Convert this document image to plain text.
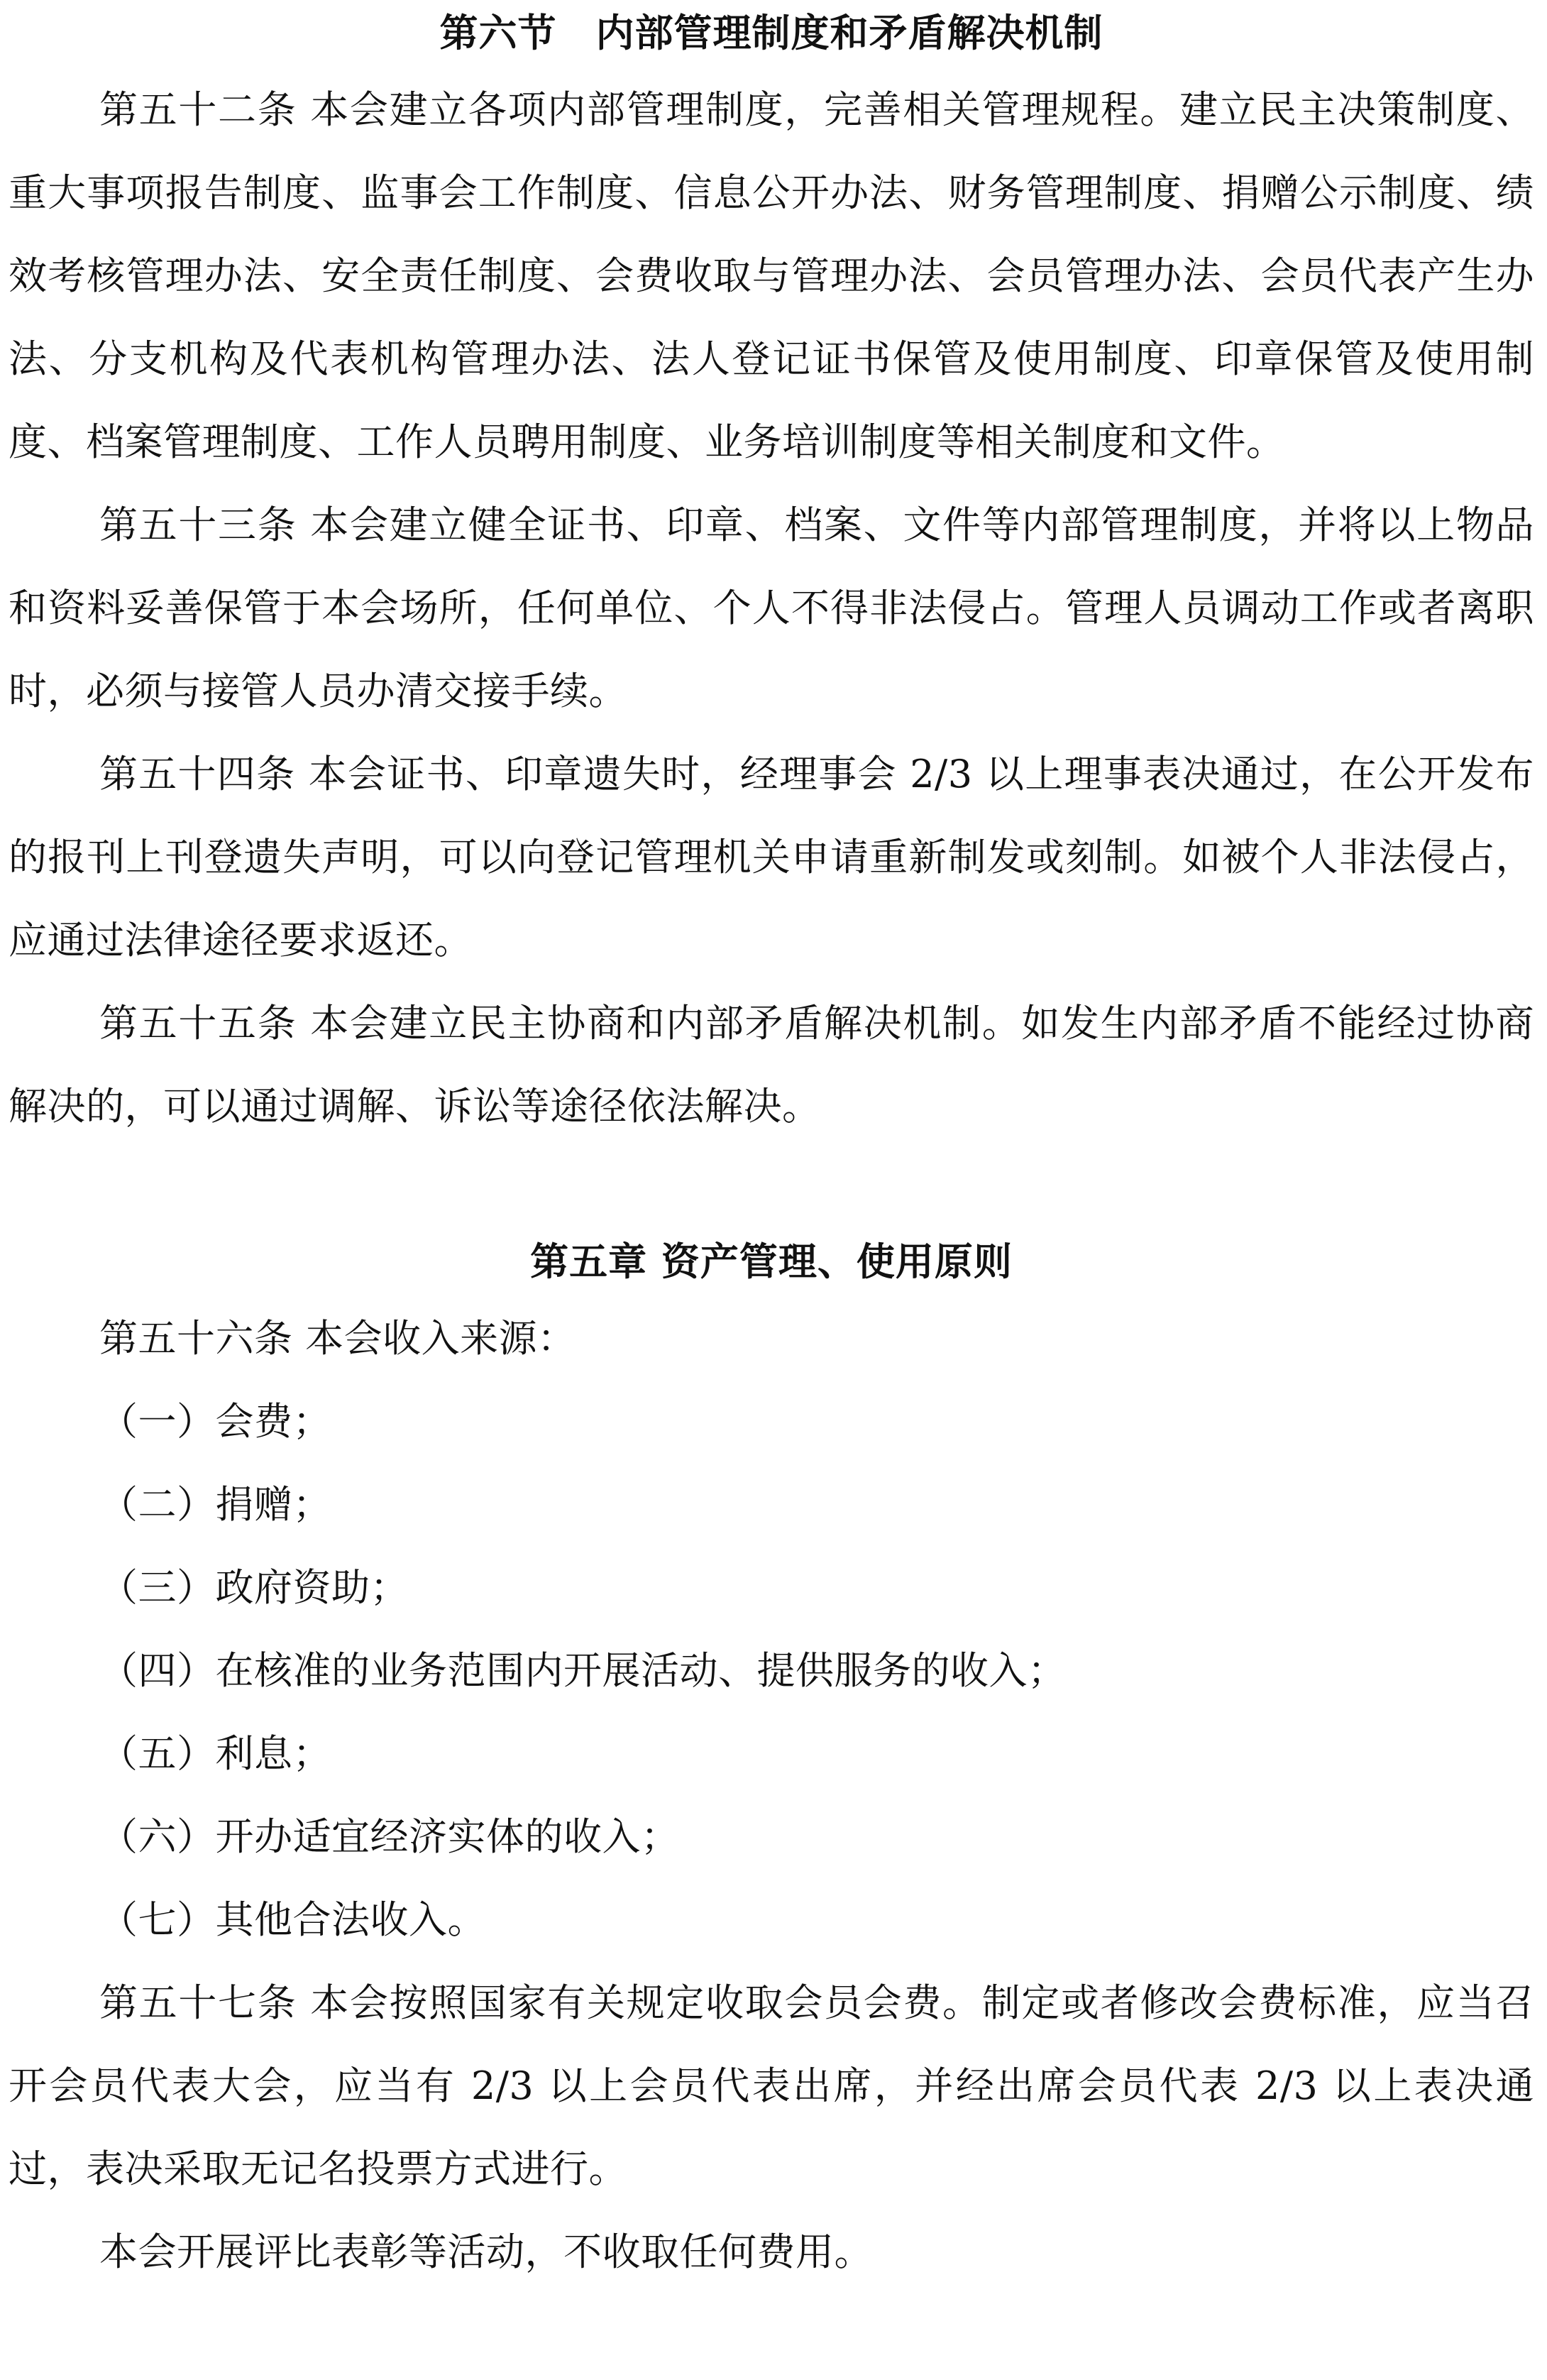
第六节　内部管理制度和矛盾解决机制

第五十二条 本会建立各项内部管理制度，完善相关管理规程。建立民主决策制度、重大事项报告制度、监事会工作制度、信息公开办法、财务管理制度、捐赠公示制度、绩效考核管理办法、安全责任制度、会费收取与管理办法、会员管理办法、会员代表产生办法、分支机构及代表机构管理办法、法人登记证书保管及使用制度、印章保管及使用制度、档案管理制度、工作人员聘用制度、业务培训制度等相关制度和文件。

第五十三条 本会建立健全证书、印章、档案、文件等内部管理制度，并将以上物品和资料妥善保管于本会场所，任何单位、个人不得非法侵占。管理人员调动工作或者离职时，必须与接管人员办清交接手续。

第五十四条 本会证书、印章遗失时，经理事会 2/3 以上理事表决通过，在公开发布的报刊上刊登遗失声明，可以向登记管理机关申请重新制发或刻制。如被个人非法侵占，应通过法律途径要求返还。

第五十五条 本会建立民主协商和内部矛盾解决机制。如发生内部矛盾不能经过协商解决的，可以通过调解、诉讼等途径依法解决。

第五章 资产管理、使用原则

第五十六条 本会收入来源：

（一）会费；

（二）捐赠；

（三）政府资助；

（四）在核准的业务范围内开展活动、提供服务的收入；

（五）利息；

（六）开办适宜经济实体的收入；

（七）其他合法收入。

第五十七条 本会按照国家有关规定收取会员会费。制定或者修改会费标准，应当召开会员代表大会，应当有 2/3 以上会员代表出席，并经出席会员代表 2/3 以上表决通过，表决采取无记名投票方式进行。

本会开展评比表彰等活动，不收取任何费用。
